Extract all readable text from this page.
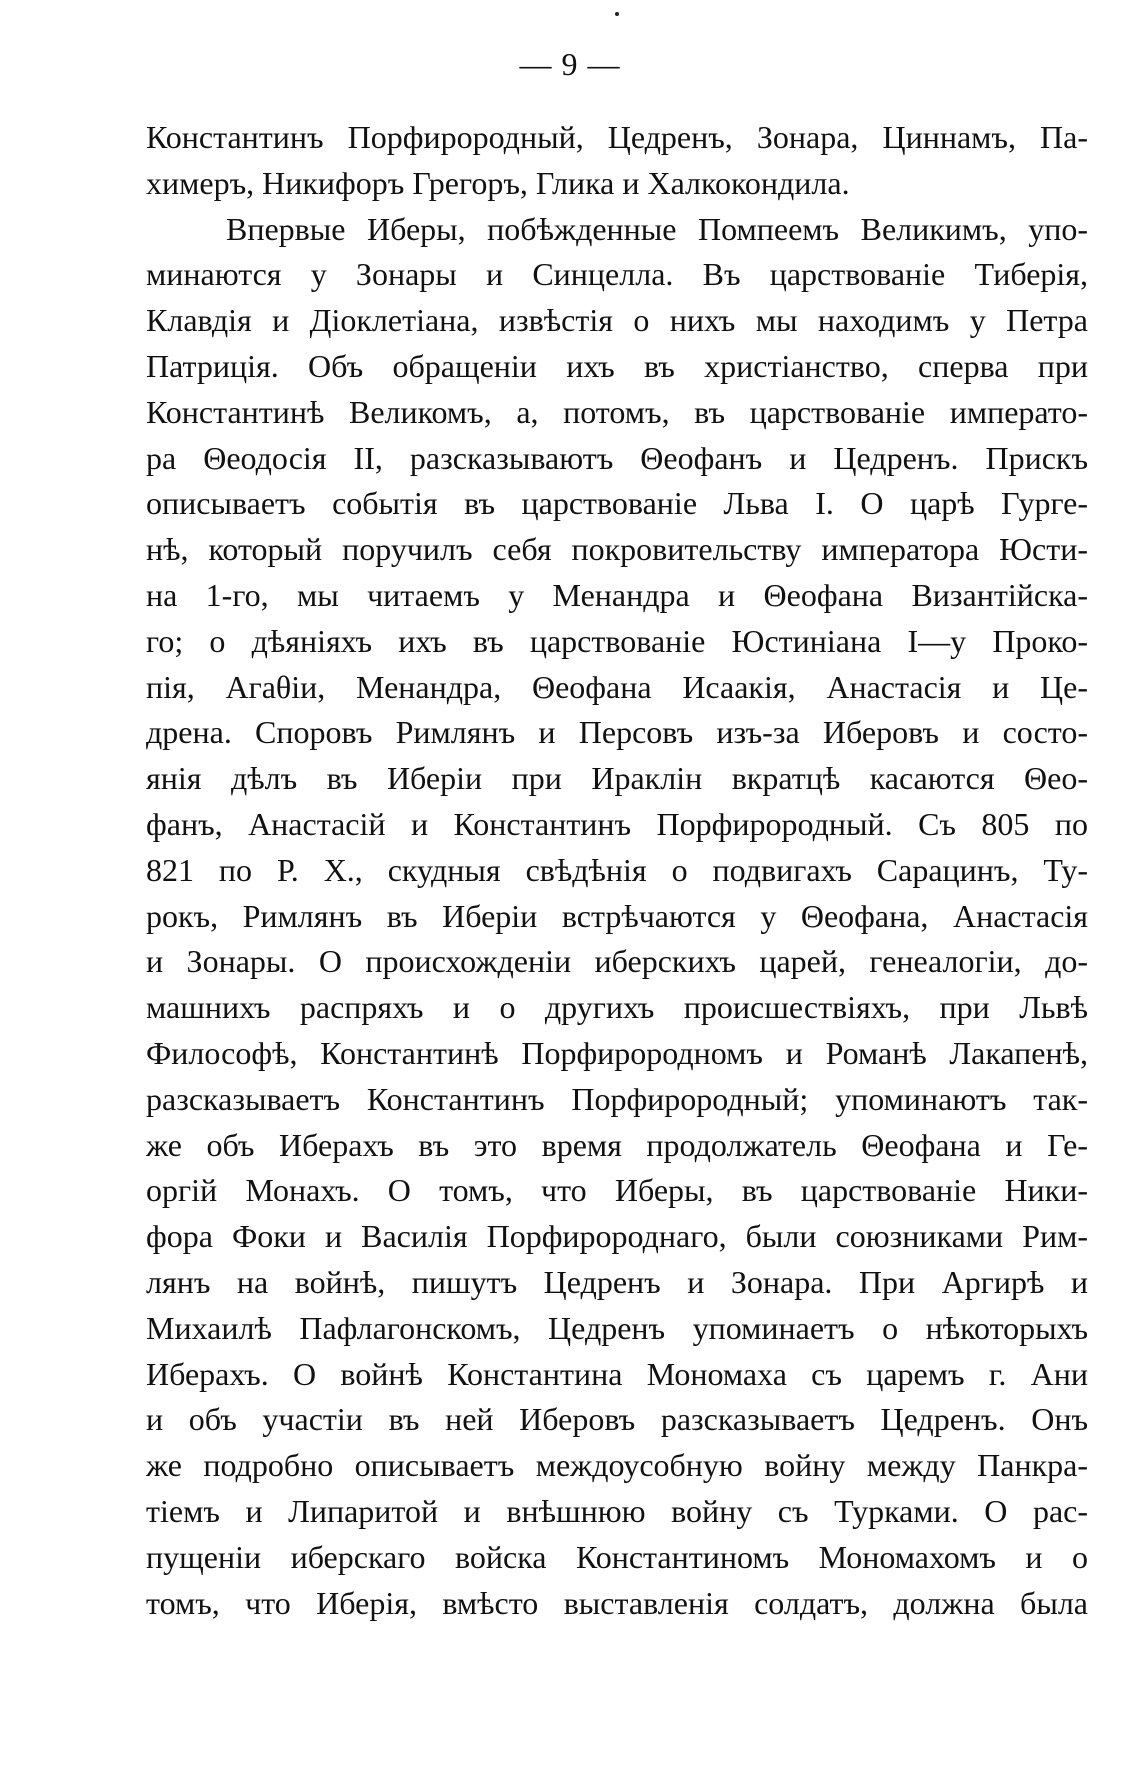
— 9 —
Константинъ Порфирородный, Цедренъ, Зонара, Циннамъ, Па-
химеръ, Никифоръ Грегоръ, Глика и Халкокондила.
Впервые Иберы, побѣжденные Помпеемъ Великимъ, упо-
минаются у Зонары и Синцелла. Въ царствованіе Тиберія,
Клавдія и Діоклетіана, извѣстія о нихъ мы находимъ у Петра
Патриція. Объ обращеніи ихъ въ христіанство, сперва при
Константинѣ Великомъ, а, потомъ, въ царствованіе императо-
ра Θеодосія II, разсказываютъ Θеофанъ и Цедренъ. Прискъ
описываетъ событія въ царствованіе Льва I. О царѣ Гурге-
нѣ, который поручилъ себя покровительству императора Юсти-
на 1-го, мы читаемъ у Менандра и Θеофана Византійска-
го; о дѣяніяхъ ихъ въ царствованіе Юстиніана I—у Проко-
пія, Агаθіи, Менандра, Θеофана Исаакія, Анастасія и Це-
дрена. Споровъ Римлянъ и Персовъ изъ-за Иберовъ и состо-
янія дѣлъ въ Иберіи при Ираклін вкратцѣ касаются Θео-
фанъ, Анастасій и Константинъ Порфирородный. Съ 805 по
821 по Р. Х., скудныя свѣдѣнія о подвигахъ Сарацинъ, Ту-
рокъ, Римлянъ въ Иберіи встрѣчаются у Θеофана, Анастасія
и Зонары. О происхожденіи иберскихъ царей, генеалогіи, до-
машнихъ распряхъ и о другихъ происшествіяхъ, при Львѣ
Философѣ, Константинѣ Порфирородномъ и Романѣ Лакапенѣ,
разсказываетъ Константинъ Порфирородный; упоминаютъ так-
же объ Иберахъ въ это время продолжатель Θеофана и Ге-
оргій Монахъ. О томъ, что Иберы, въ царствованіе Ники-
фора Фоки и Василія Порфиророднаго, были союзниками Рим-
лянъ на войнѣ, пишутъ Цедренъ и Зонара. При Аргирѣ и
Михаилѣ Пафлагонскомъ, Цедренъ упоминаетъ о нѣкоторыхъ
Иберахъ. О войнѣ Константина Мономаха съ царемъ г. Ани
и объ участіи въ ней Иберовъ разсказываетъ Цедренъ. Онъ
же подробно описываетъ междоусобную войну между Панкра-
тіемъ и Липаритой и внѣшнюю войну съ Турками. О рас-
пущеніи иберскаго войска Константиномъ Мономахомъ и о
томъ, что Иберія, вмѣсто выставленія солдатъ, должна была
